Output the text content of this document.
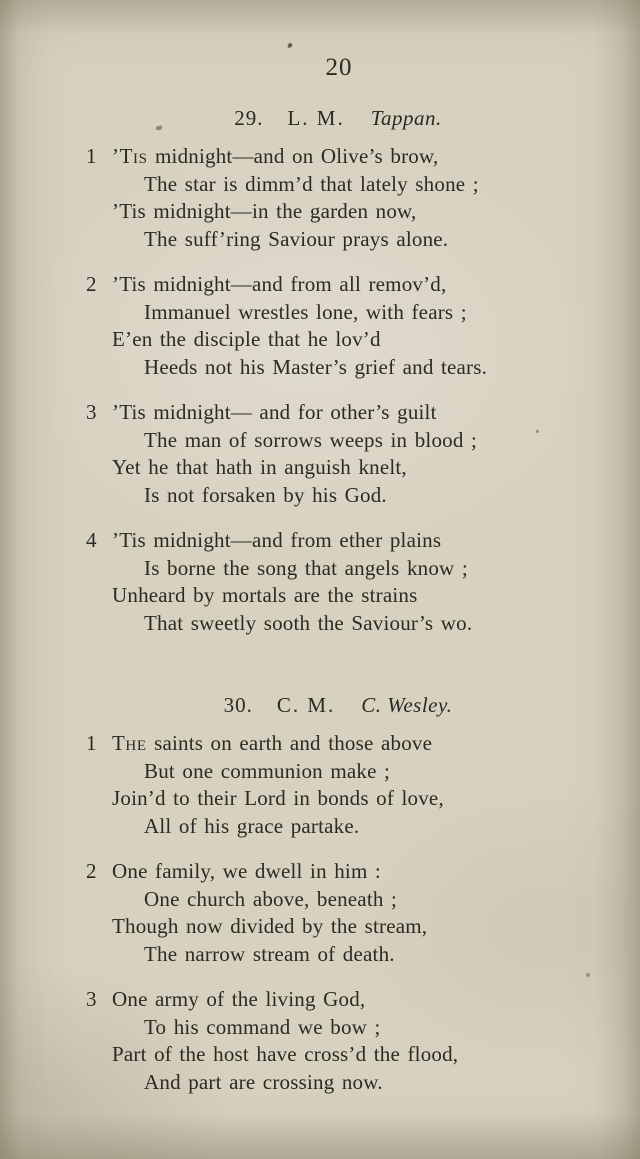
20
29. L. M. Tappan.
1 ’Tis midnight—and on Olive’s brow,
The star is dimm’d that lately shone ;
’Tis midnight—in the garden now,
The suff’ring Saviour prays alone.
2 ’Tis midnight—and from all remov’d,
Immanuel wrestles lone, with fears ;
E’en the disciple that he lov’d
Heeds not his Master’s grief and tears.
3 ’Tis midnight— and for other’s guilt
The man of sorrows weeps in blood ;
Yet he that hath in anguish knelt,
Is not forsaken by his God.
4 ’Tis midnight—and from ether plains
Is borne the song that angels know ;
Unheard by mortals are the strains
That sweetly sooth the Saviour’s wo.
30. C. M. C. Wesley.
1 The saints on earth and those above
But one communion make ;
Join’d to their Lord in bonds of love,
All of his grace partake.
2 One family, we dwell in him :
One church above, beneath ;
Though now divided by the stream,
The narrow stream of death.
3 One army of the living God,
To his command we bow ;
Part of the host have cross’d the flood,
And part are crossing now.
